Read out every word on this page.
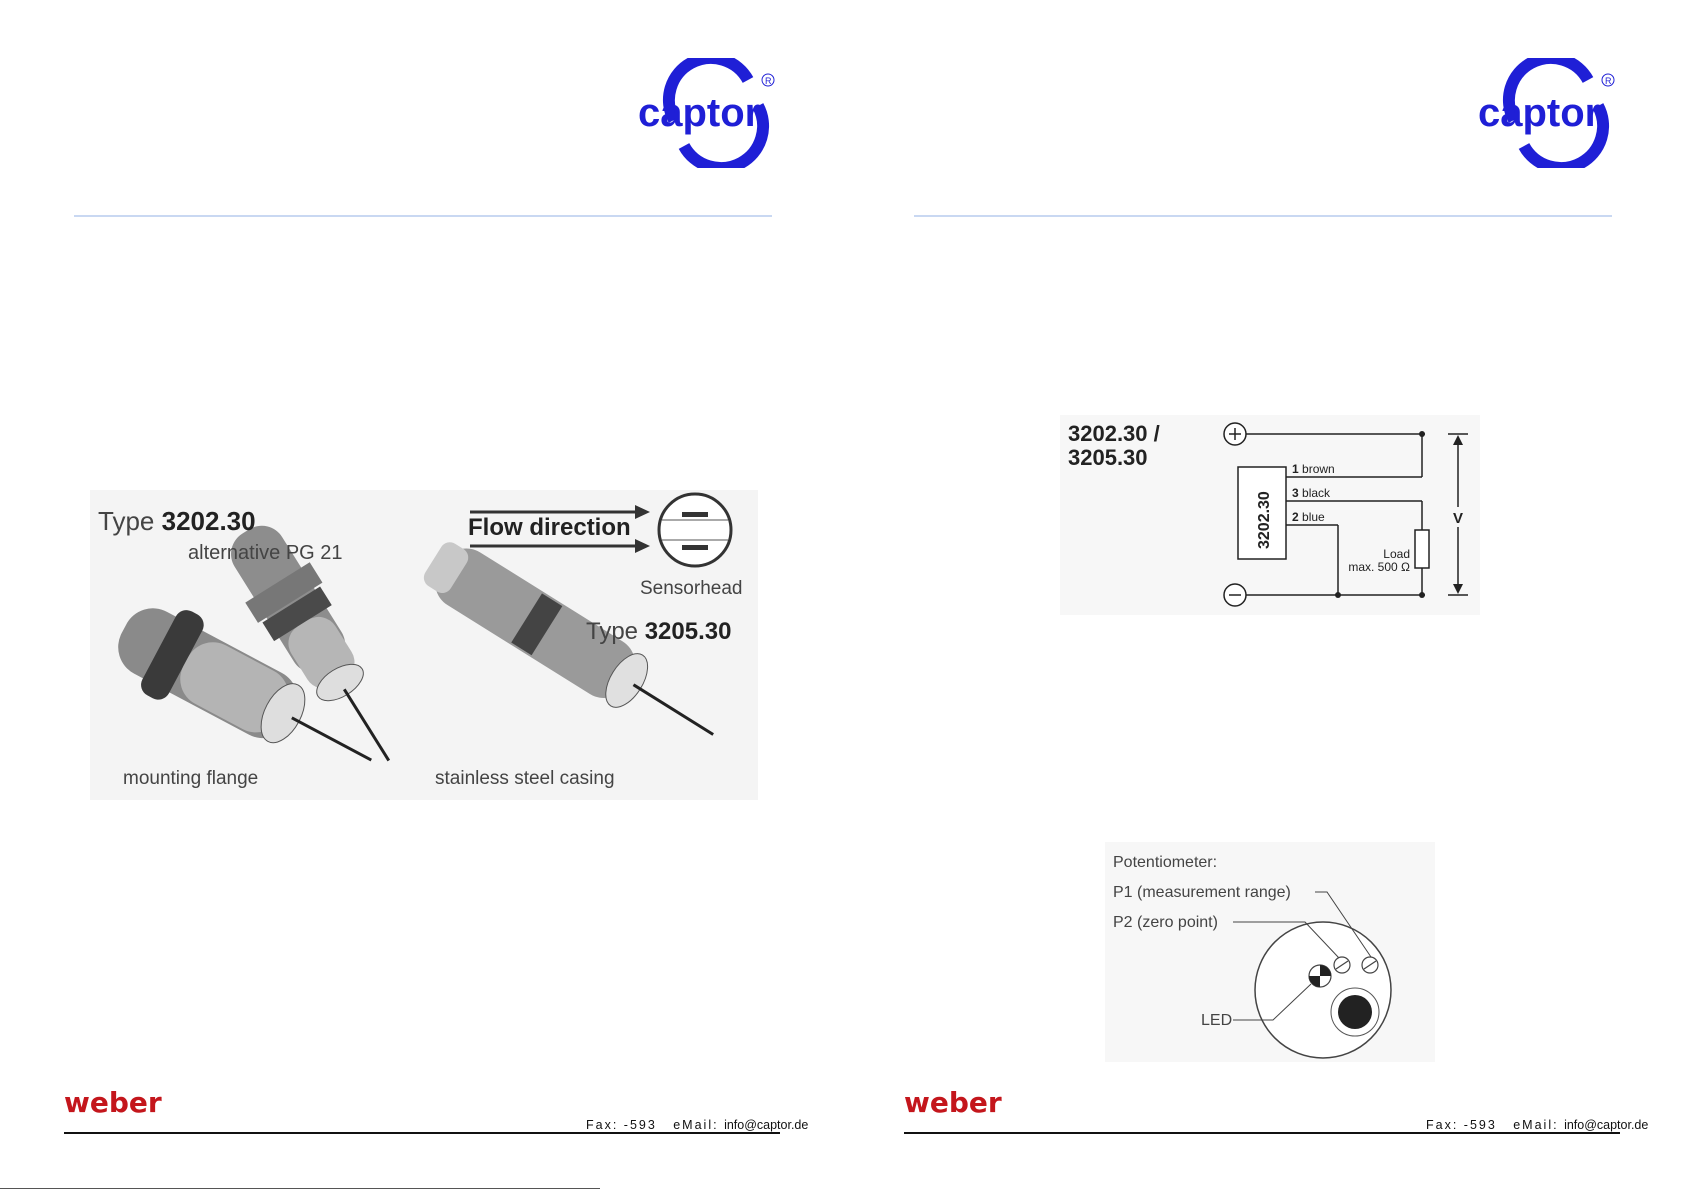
captor
R
Type 3202.30
alternative PG 21
Flow direction
Sensorhead
Type 3205.30
mounting flange	stainless steel casing
weber
Fax: -593 eMail: info@captor.de
captor
R
3202.30 /
3205.30
3202.30
1 brown
3 black
Load
max. 500 Ω
2 blue	V
Potentiometer:
P1 (measurement range)
P2 (zero point)
LED
weber
Fax: -593 eMail: info@captor.de
